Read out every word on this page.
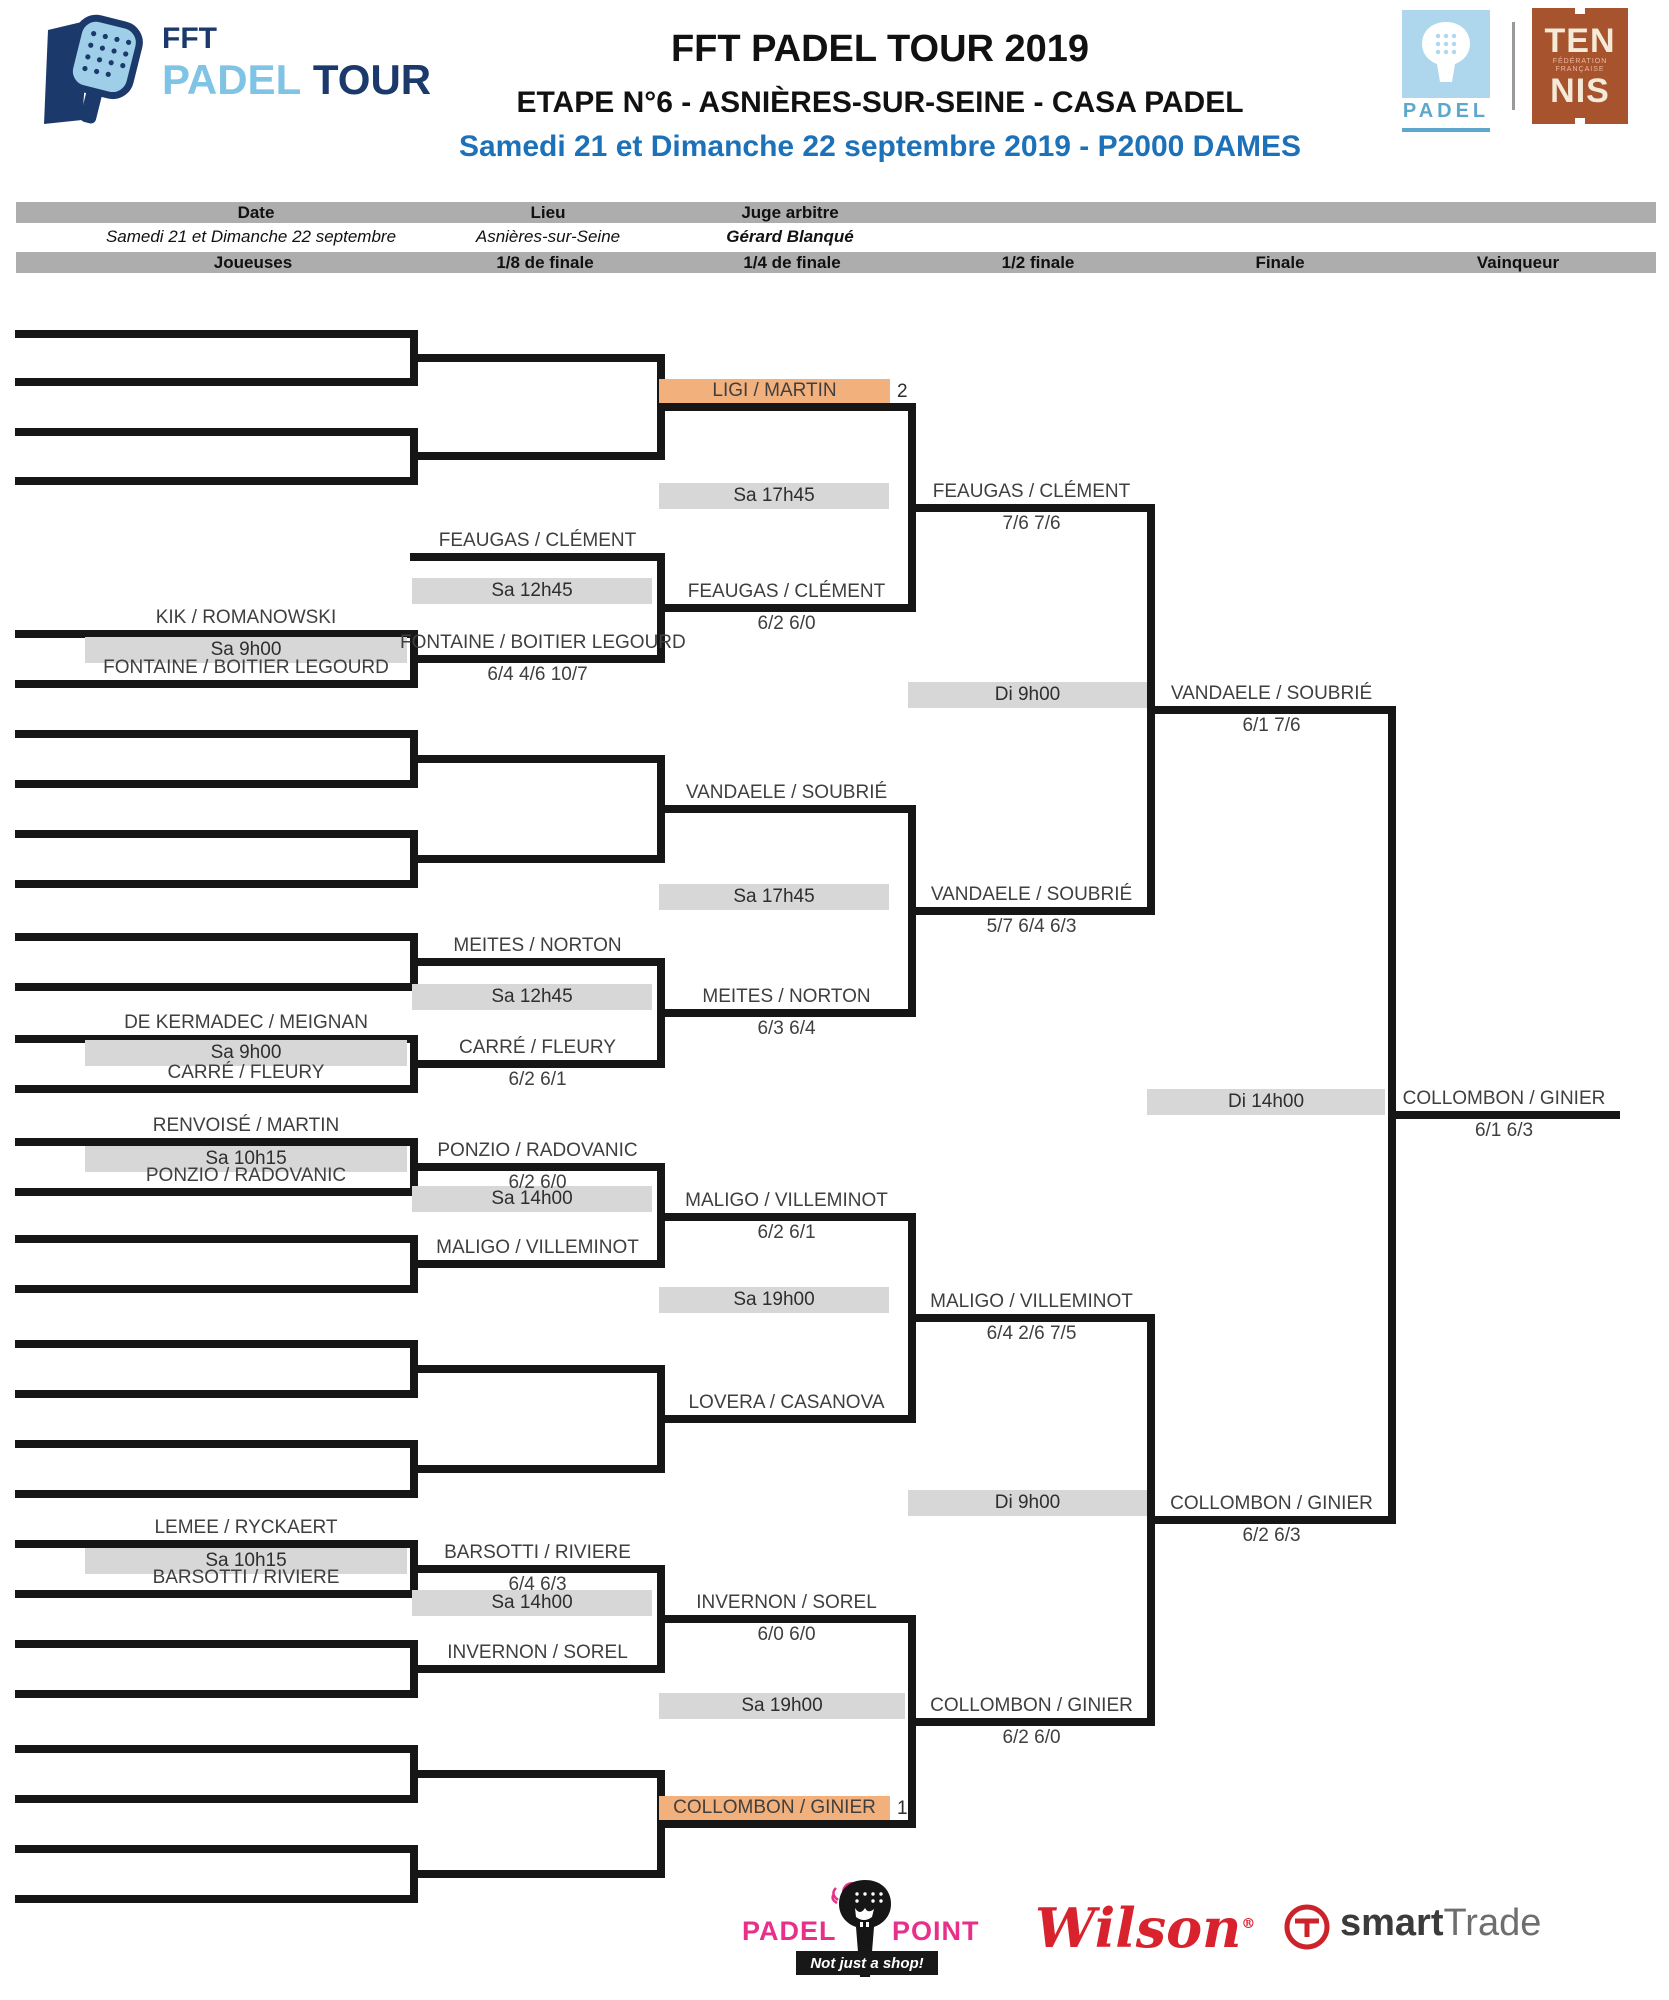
FFT
PADEL TOUR
FFT PADEL TOUR 2019
ETAPE N°6 - ASNIÈRES-SUR-SEINE - CASA PADEL
Samedi 21 et Dimanche 22 septembre 2019 - P2000 DAMES
PADEL
TEN
FÉDÉRATION FRANÇAISE
NIS
Date	Lieu	Juge arbitre
Samedi 21 et Dimanche 22 septembre	Asnières-sur-Seine	Gérard Blanqué
Joueuses	1/8 de finale	1/4 de finale	1/2 finale	Finale	Vainqueur
Sa 9h00
Sa 9h00
Sa 10h15
Sa 10h15
Sa 12h45
Sa 12h45
Sa 14h00
Sa 14h00
Sa 17h45
Sa 17h45
Sa 19h00
Sa 19h00
Di 9h00
Di 9h00
Di 14h00
LIGI / MARTIN	2
COLLOMBON / GINIER	1
KIK / ROMANOWSKI
FONTAINE / BOITIER LEGOURD
DE KERMADEC / MEIGNAN
CARRÉ / FLEURY
RENVOISÉ / MARTIN
PONZIO / RADOVANIC
LEMEE / RYCKAERT
BARSOTTI / RIVIERE
FEAUGAS / CLÉMENT
FONTAINE / BOITIER LEGOURD
6/4 4/6 10/7
MEITES / NORTON
CARRÉ / FLEURY
6/2 6/1
PONZIO / RADOVANIC
6/2 6/0
MALIGO / VILLEMINOT
BARSOTTI / RIVIERE
6/4 6/3
INVERNON / SOREL
FEAUGAS / CLÉMENT
6/2 6/0
VANDAELE / SOUBRIÉ
MEITES / NORTON
6/3 6/4
MALIGO / VILLEMINOT
6/2 6/1
LOVERA / CASANOVA
INVERNON / SOREL
6/0 6/0
FEAUGAS / CLÉMENT
7/6 7/6
VANDAELE / SOUBRIÉ
5/7 6/4 6/3
MALIGO / VILLEMINOT
6/4 2/6 7/5
COLLOMBON / GINIER
6/2 6/0
VANDAELE / SOUBRIÉ
6/1 7/6
COLLOMBON / GINIER
6/2 6/3
COLLOMBON / GINIER
6/1 6/3
PADEL POINT
Not just a shop!
Wilson® smartTrade
